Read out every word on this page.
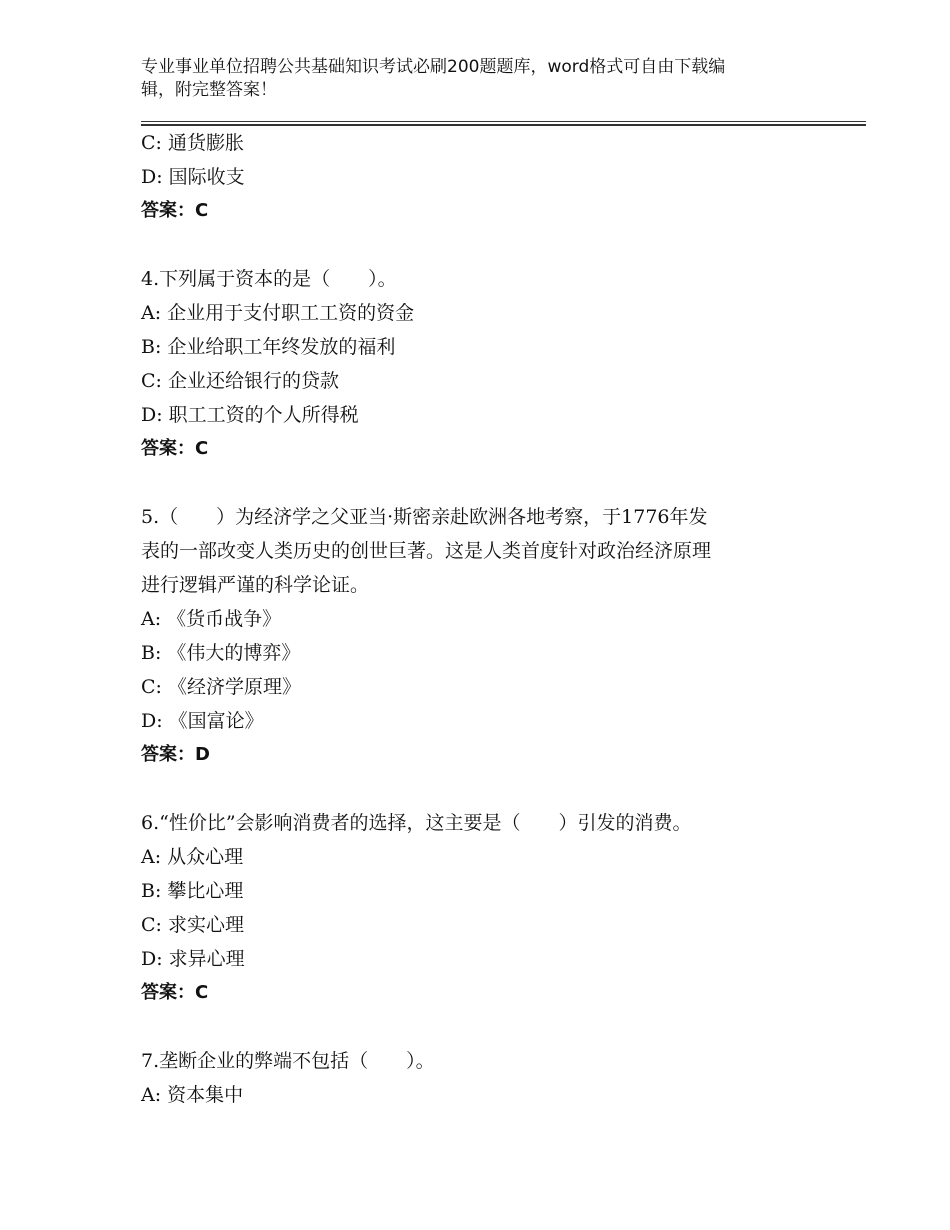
专业事业单位招聘公共基础知识考试必刷200题题库，word格式可自由下载编
辑，附完整答案！
C: 通货膨胀
D: 国际收支
答案：C
4.下列属于资本的是（　　）。
A: 企业用于支付职工工资的资金
B: 企业给职工年终发放的福利
C: 企业还给银行的贷款
D: 职工工资的个人所得税
答案：C
5.（　　）为经济学之父亚当·斯密亲赴欧洲各地考察，于1776年发
表的一部改变人类历史的创世巨著。这是人类首度针对政治经济原理
进行逻辑严谨的科学论证。
A: 《货币战争》
B: 《伟大的博弈》
C: 《经济学原理》
D: 《国富论》
答案：D
6.“性价比”会影响消费者的选择，这主要是（　　）引发的消费。
A: 从众心理
B: 攀比心理
C: 求实心理
D: 求异心理
答案：C
7.垄断企业的弊端不包括（　　）。
A: 资本集中
